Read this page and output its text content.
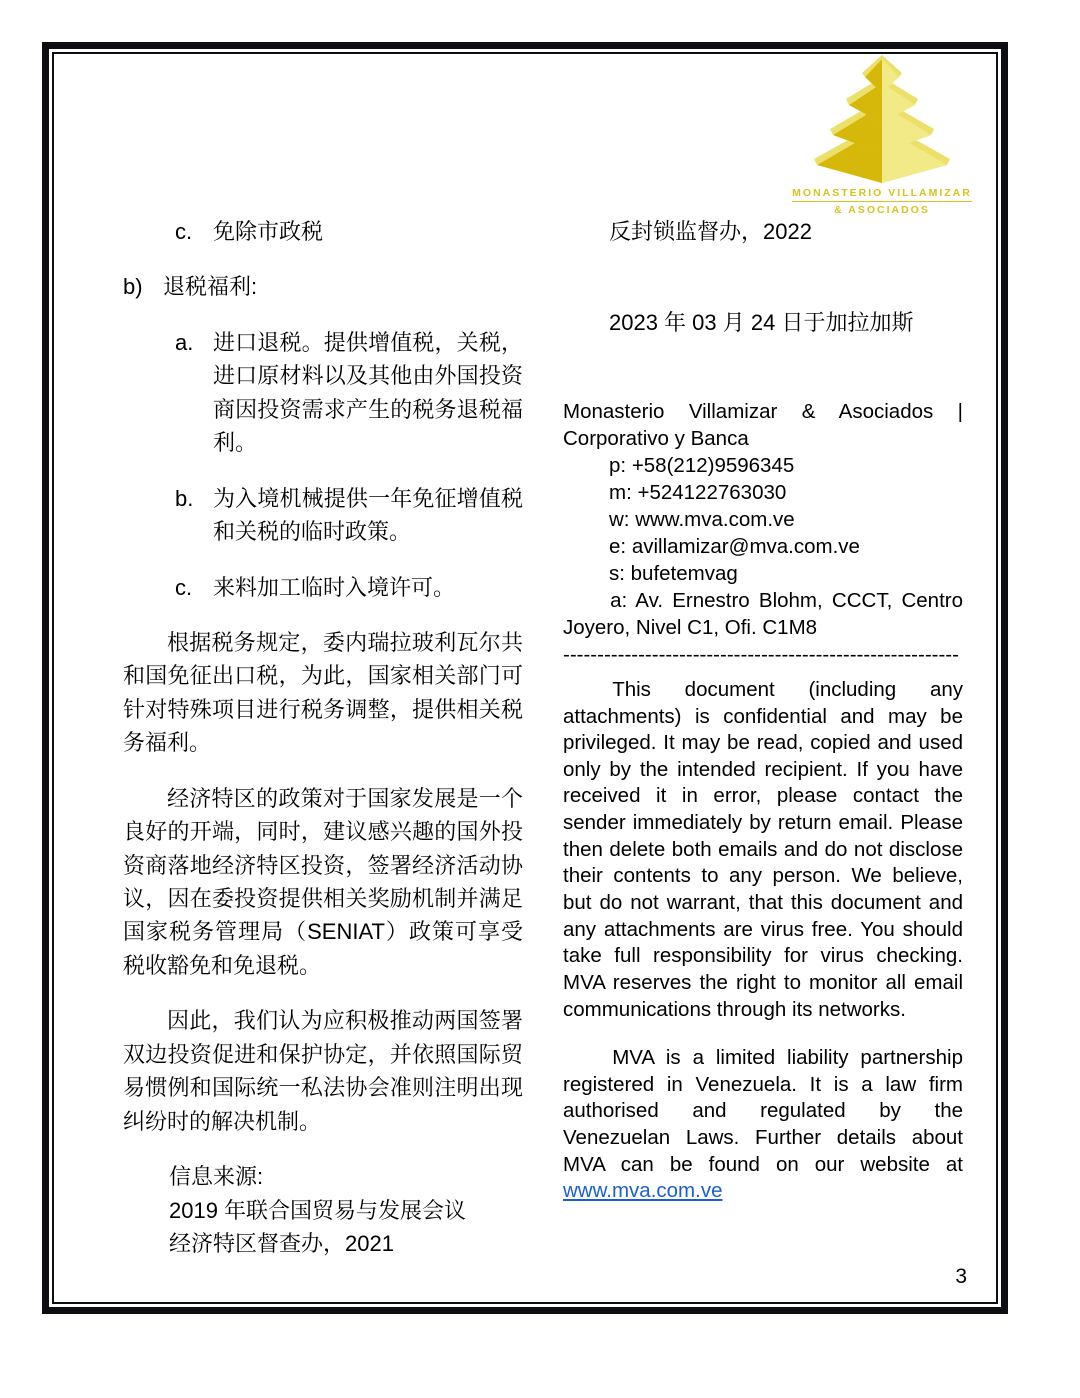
MONASTERIO VILLAMIZAR
& ASOCIADOS
c. 免除市政税
b) 退税福利:
a. 进口退税。提供增值税，关税，进口原材料以及其他由外国投资商因投资需求产生的税务退税福利。
b. 为入境机械提供一年免征增值税和关税的临时政策。
c. 来料加工临时入境许可。

根据税务规定，委内瑞拉玻利瓦尔共和国免征出口税，为此，国家相关部门可针对特殊项目进行税务调整，提供相关税务福利。

经济特区的政策对于国家发展是一个良好的开端，同时，建议感兴趣的国外投资商落地经济特区投资，签署经济活动协议，因在委投资提供相关奖励机制并满足国家税务管理局（SENIAT）政策可享受税收豁免和免退税。

因此，我们认为应积极推动两国签署双边投资促进和保护协定，并依照国际贸易惯例和国际统一私法协会准则注明出现纠纷时的解决机制。

信息来源:

2019 年联合国贸易与发展会议

经济特区督查办，2021

反封锁监督办，2022

2023 年 03 月 24 日于加拉加斯

Monasterio Villamizar & Asociados | Corporativo y Banca

p: +58(212)9596345

m: +524122763030

w: www.mva.com.ve

e: avillamizar@mva.com.ve

s: bufetemvag

a: Av. Ernestro Blohm, CCCT, Centro Joyero, Nivel C1, Ofi. C1M8

----------------------------------------------------------

This document (including any attachments) is confidential and may be privileged. It may be read, copied and used only by the intended recipient. If you have received it in error, please contact the sender immediately by return email. Please then delete both emails and do not disclose their contents to any person. We believe, but do not warrant, that this document and any attachments are virus free. You should take full responsibility for virus checking. MVA reserves the right to monitor all email communications through its networks.

MVA is a limited liability partnership registered in Venezuela. It is a law firm authorised and regulated by the Venezuelan Laws. Further details about MVA can be found on our website at www.mva.com.ve

3
